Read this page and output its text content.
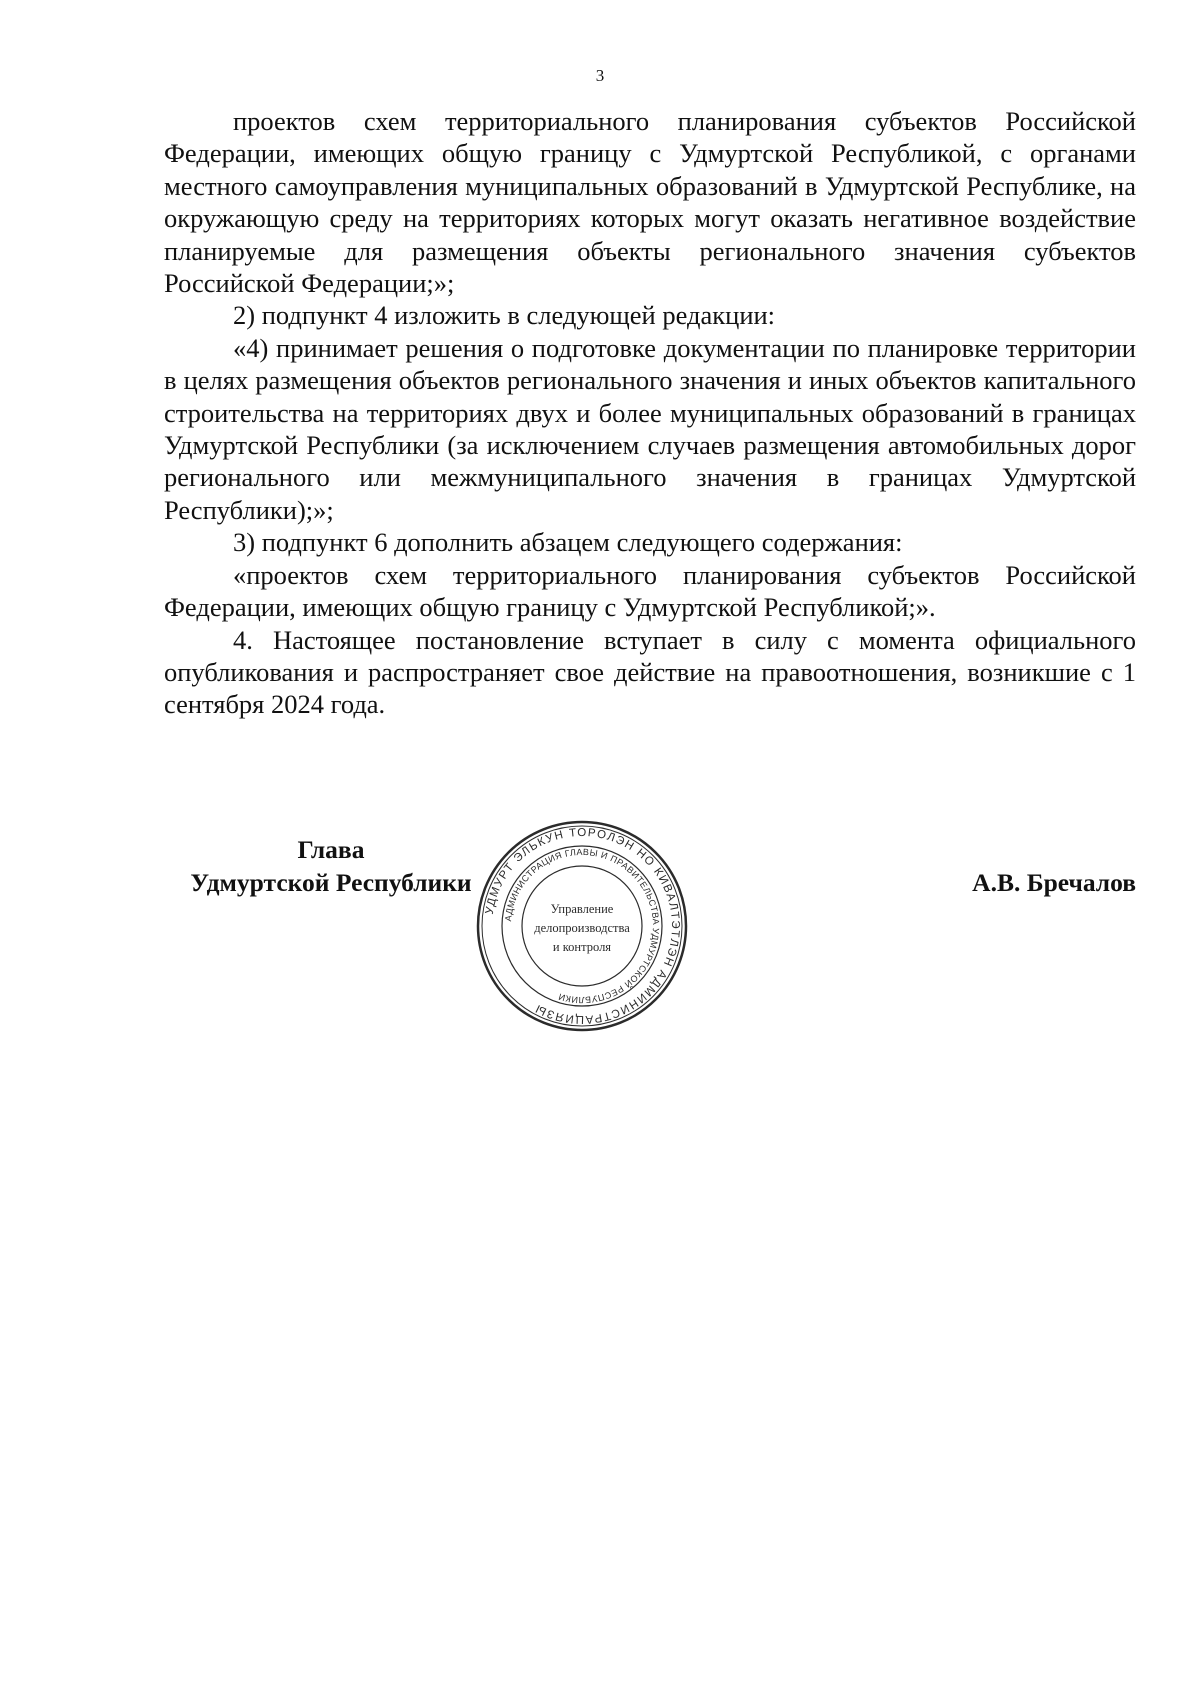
3

проектов схем территориального планирования субъектов Российской Федерации, имеющих общую границу с Удмуртской Республикой, с органами местного самоуправления муниципальных образований в Удмуртской Республике, на окружающую среду на территориях которых могут оказать негативное воздействие планируемые для размещения объекты регионального значения субъектов Российской Федерации;»;

2) подпункт 4 изложить в следующей редакции:

«4) принимает решения о подготовке документации по планировке территории в целях размещения объектов регионального значения и иных объектов капитального строительства на территориях двух и более муниципальных образований в границах Удмуртской Республики (за исключением случаев размещения автомобильных дорог регионального или межмуниципального значения в границах Удмуртской Республики);»;

3) подпункт 6 дополнить абзацем следующего содержания:

«проектов схем территориального планирования субъектов Российской Федерации, имеющих общую границу с Удмуртской Республикой;».

4. Настоящее постановление вступает в силу с момента официального опубликования и распространяет свое действие на правоотношения, возникшие с 1 сентября 2024 года.

Глава
Удмуртской Республики	А.В. Бречалов
УДМУРТ ЭЛЬКУН ТОРОЛЭН НО КИВАЛТЭТЛЭН АДМИНИСТРАЦИЯЗЫ
АДМИНИСТРАЦИЯ ГЛАВЫ И ПРАВИТЕЛЬСТВА УДМУРТСКОЙ РЕСПУБЛИКИ
Управление
делопроизводства
и контроля
